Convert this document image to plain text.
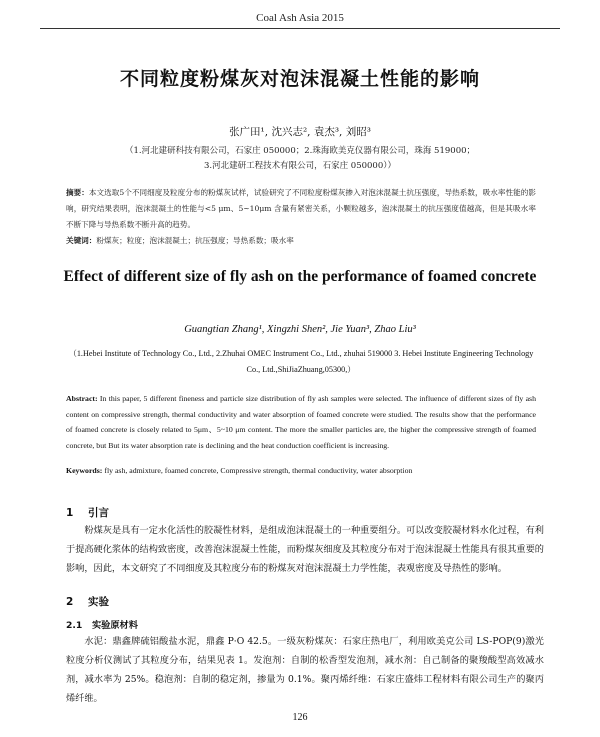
Coal Ash Asia 2015
不同粒度粉煤灰对泡沫混凝土性能的影响
张广田¹, 沈兴志², 袁杰³, 刘昭³
（1.河北建研科技有限公司，石家庄 050000；2.珠海欧美克仪器有限公司，珠海 519000；
3.河北建研工程技术有限公司，石家庄 050000））
摘要：本文选取5个不同细度及粒度分布的粉煤灰试样，试验研究了不同粒度粉煤灰掺入对泡沫混凝土抗压强度，导热系数，吸水率性能的影响，研究结果表明，泡沫混凝土的性能与<5 μm、5~10μm 含量有紧密关系，小颗粒越多，泡沫混凝土的抗压强度值越高，但是其吸水率不断下降与导热系数不断升高的趋势。
关键词：粉煤灰；粒度；泡沫混凝土；抗压强度；导热系数；吸水率
Effect of different size of fly ash on the performance of foamed concrete
Guangtian Zhang¹, Xingzhi Shen², Jie Yuan³, Zhao Liu³
（1.Hebei Institute of Technology Co., Ltd., 2.Zhuhai OMEC Instrument Co., Ltd., zhuhai 519000 3. Hebei Institute Engineering Technology Co., Ltd.,ShiJiaZhuang,05300,）
Abstract: In this paper, 5 different fineness and particle size distribution of fly ash samples were selected. The influence of different sizes of fly ash content on compressive strength, thermal conductivity and water absorption of foamed concrete were studied. The results show that the performance of foamed concrete is closely related to 5μm、5~10 μm content. The more the smaller particles are, the higher the compressive strength of foamed concrete, but But its water absorption rate is declining and the heat conduction coefficient is increasing.
Keywords: fly ash, admixture, foamed concrete, Compressive strength, thermal conductivity, water absorption
1 引言
粉煤灰是具有一定水化活性的胶凝性材料，是组成泡沫混凝土的一种重要组分。可以改变胶凝材料水化过程，有利于提高硬化浆体的结构致密度，改善泡沫混凝土性能，而粉煤灰细度及其粒度分布对于泡沫混凝土性能具有很其重要的影响，因此，本文研究了不同细度及其粒度分布的粉煤灰对泡沫混凝土力学性能，表观密度及导热性的影响。
2 实验
2.1 实验原材料
水泥：鼎鑫牌硫铝酸盐水泥，鼎鑫 P·O 42.5。一级灰粉煤灰：石家庄热电厂，利用欧美克公司 LS-POP(9)激光粒度分析仪测试了其粒度分布，结果见表 1。发泡剂：自制的松香型发泡剂，减水剂：自己制备的聚羧酸型高效减水剂，减水率为 25%。稳泡剂：自制的稳定剂，掺量为 0.1%。聚丙烯纤维：石家庄盛炜工程材料有限公司生产的聚丙烯纤维。
126
